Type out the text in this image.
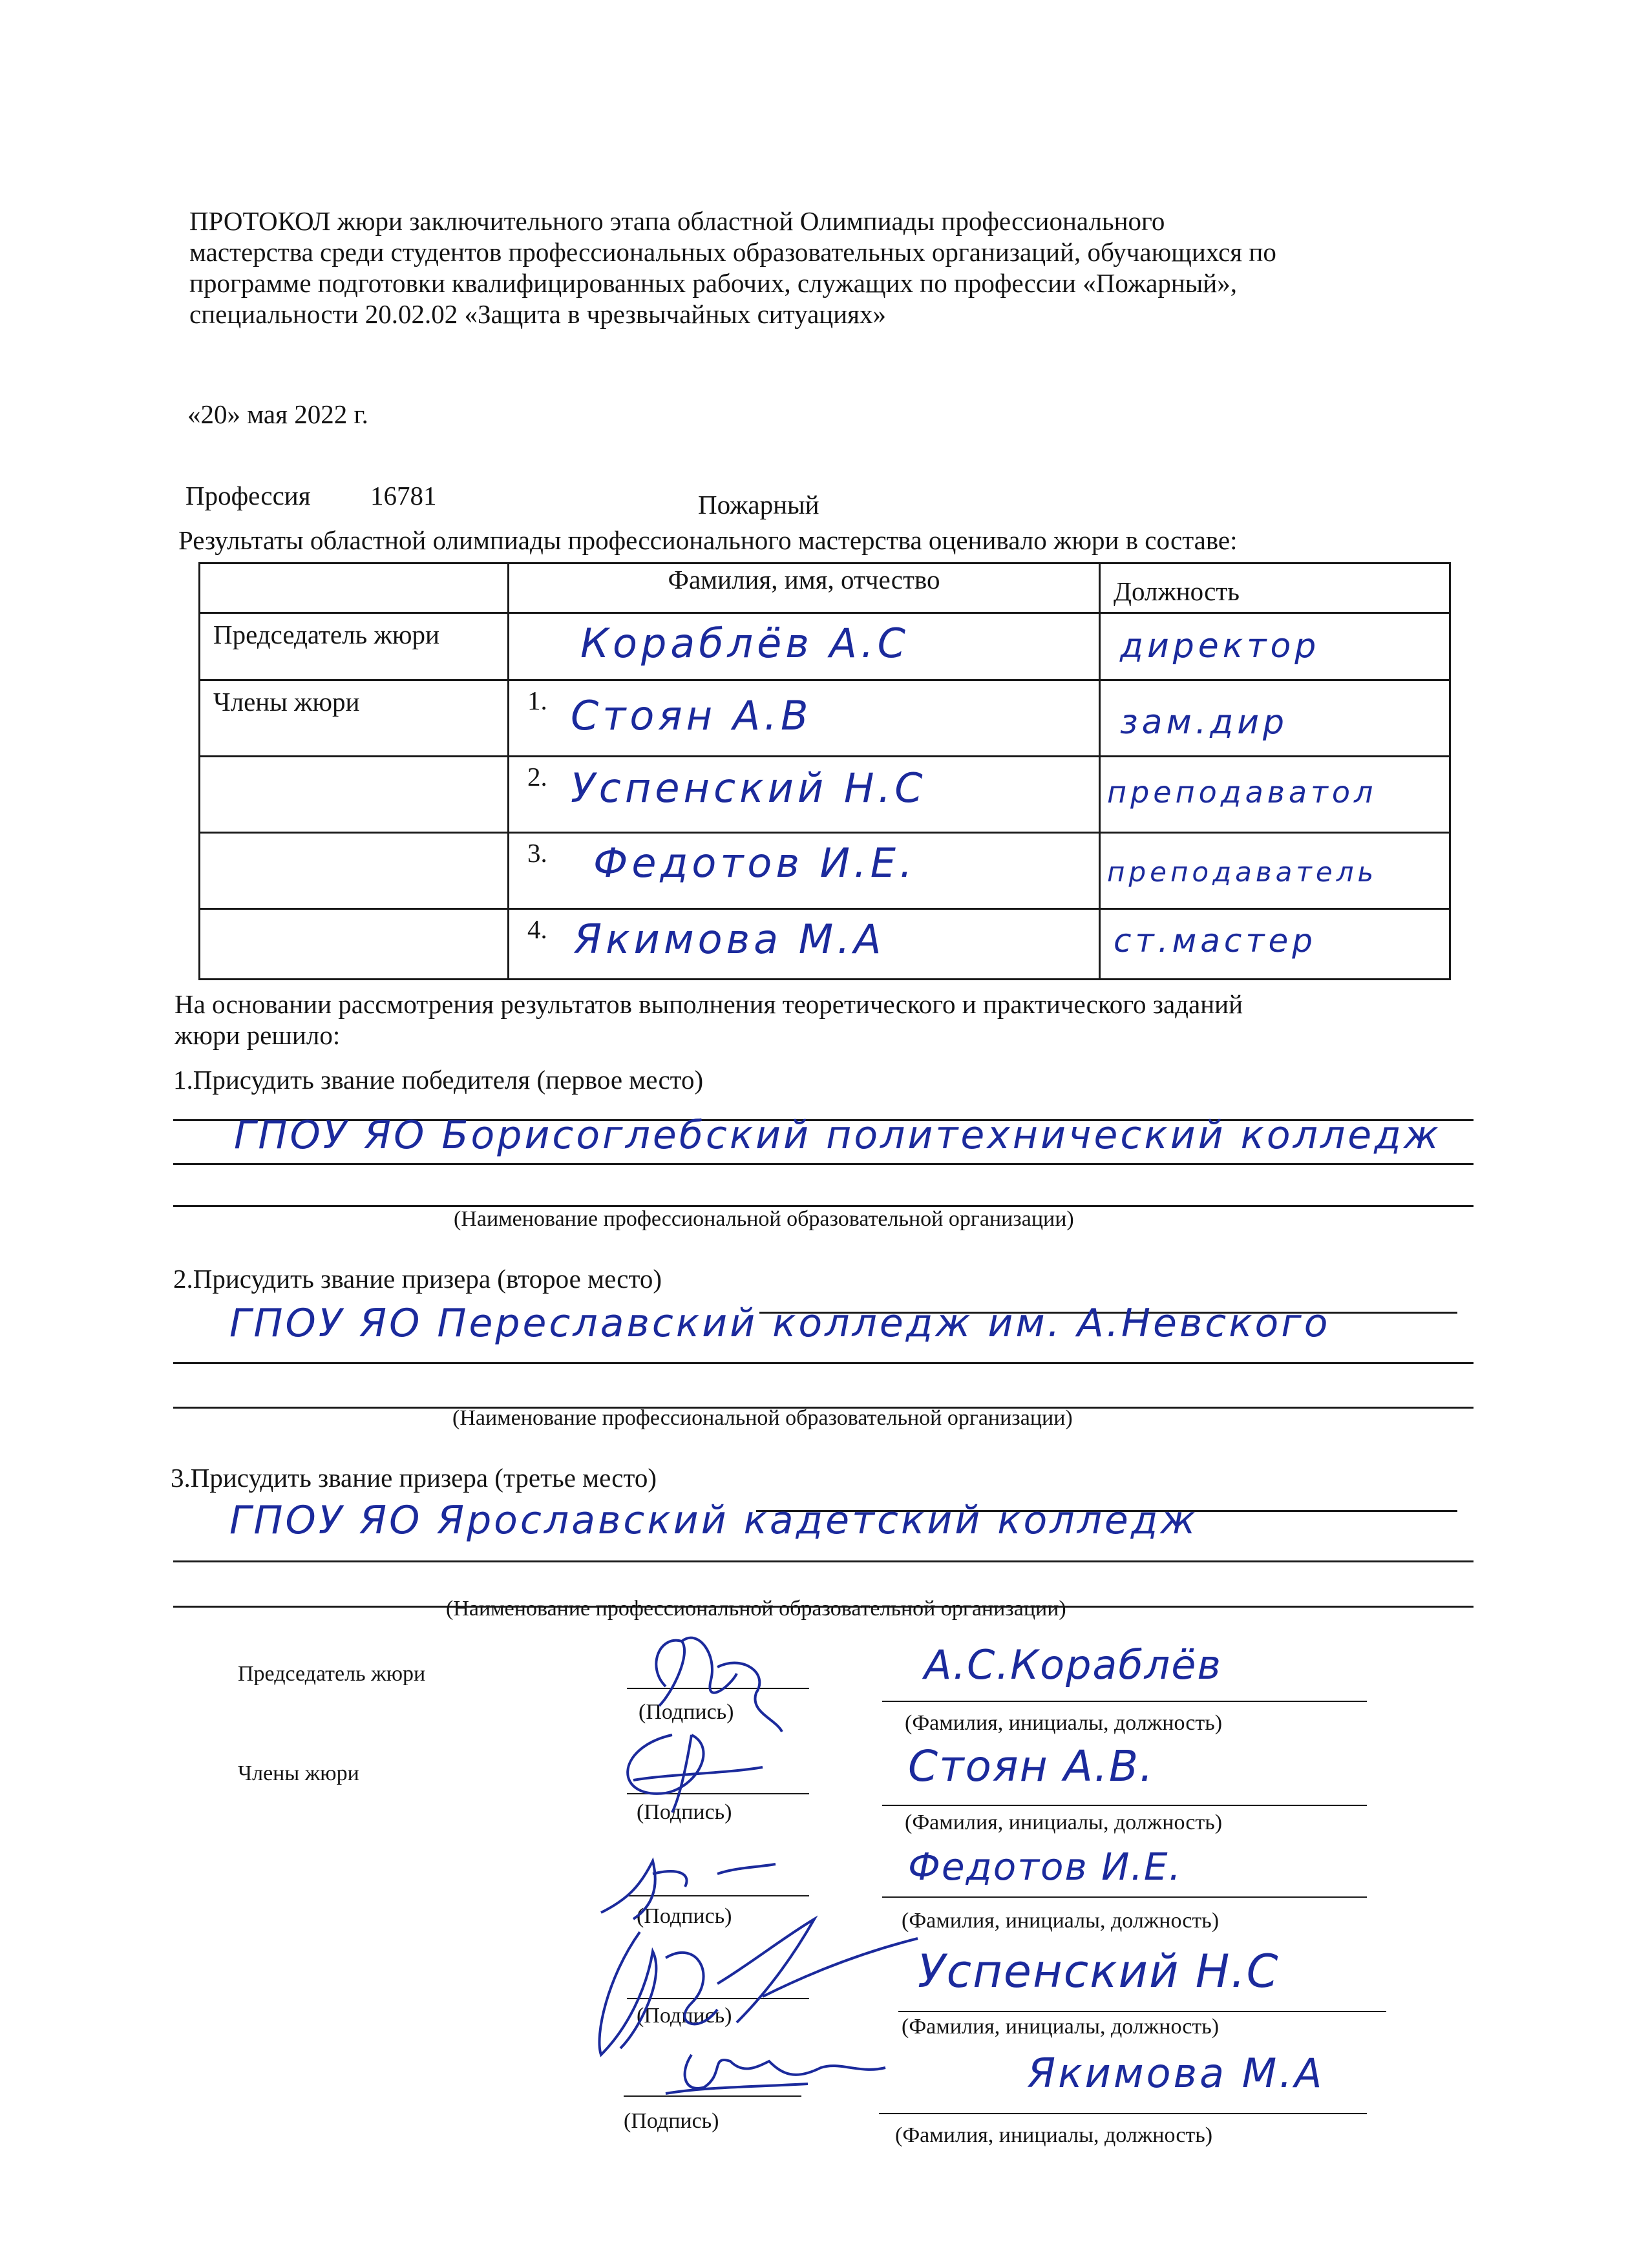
ПРОТОКОЛ жюри заключительного этапа областной Олимпиады профессионального
мастерства среди студентов профессиональных образовательных организаций, обучающихся по
программе подготовки квалифицированных рабочих, служащих по профессии «Пожарный»,
специальности 20.02.02 «Защита в чрезвычайных ситуациях»
«20» мая 2022 г.
Профессия 16781	Пожарный
Результаты областной олимпиады профессионального мастерства оценивало жюри в составе:
	Фамилия, имя, отчество	Должность

Председатель жюри	Кораблёв А.С	директор

Члены жюри	1. Стоян А.В	зам.дир

	2. Успенский Н.С	преподаватол

	3. Федотов И.Е.	преподаватель

	4. Якимова М.А	ст.мастер
На основании рассмотрения результатов выполнения теоретического и практического заданий
жюри решило:
1.Присудить звание победителя (первое место)
ГПОУ ЯО Борисоглебский политехнический колледж
(Наименование профессиональной образовательной организации)
2.Присудить звание призера (второе место)
ГПОУ ЯО Переславский колледж им. А.Невского
(Наименование профессиональной образовательной организации)
3.Присудить звание призера (третье место)
ГПОУ ЯО Ярославский кадетский колледж
(Наименование профессиональной образовательной организации)
Председатель жюри
Члены жюри
(Подпись)
А.С.Кораблёв
(Фамилия, инициалы, должность)
(Подпись)
Стоян А.В.
(Фамилия, инициалы, должность)
(Подпись)
Федотов И.Е.
(Фамилия, инициалы, должность)
(Подпись)
Успенский Н.С
(Фамилия, инициалы, должность)
(Подпись)
Якимова М.А
(Фамилия, инициалы, должность)
